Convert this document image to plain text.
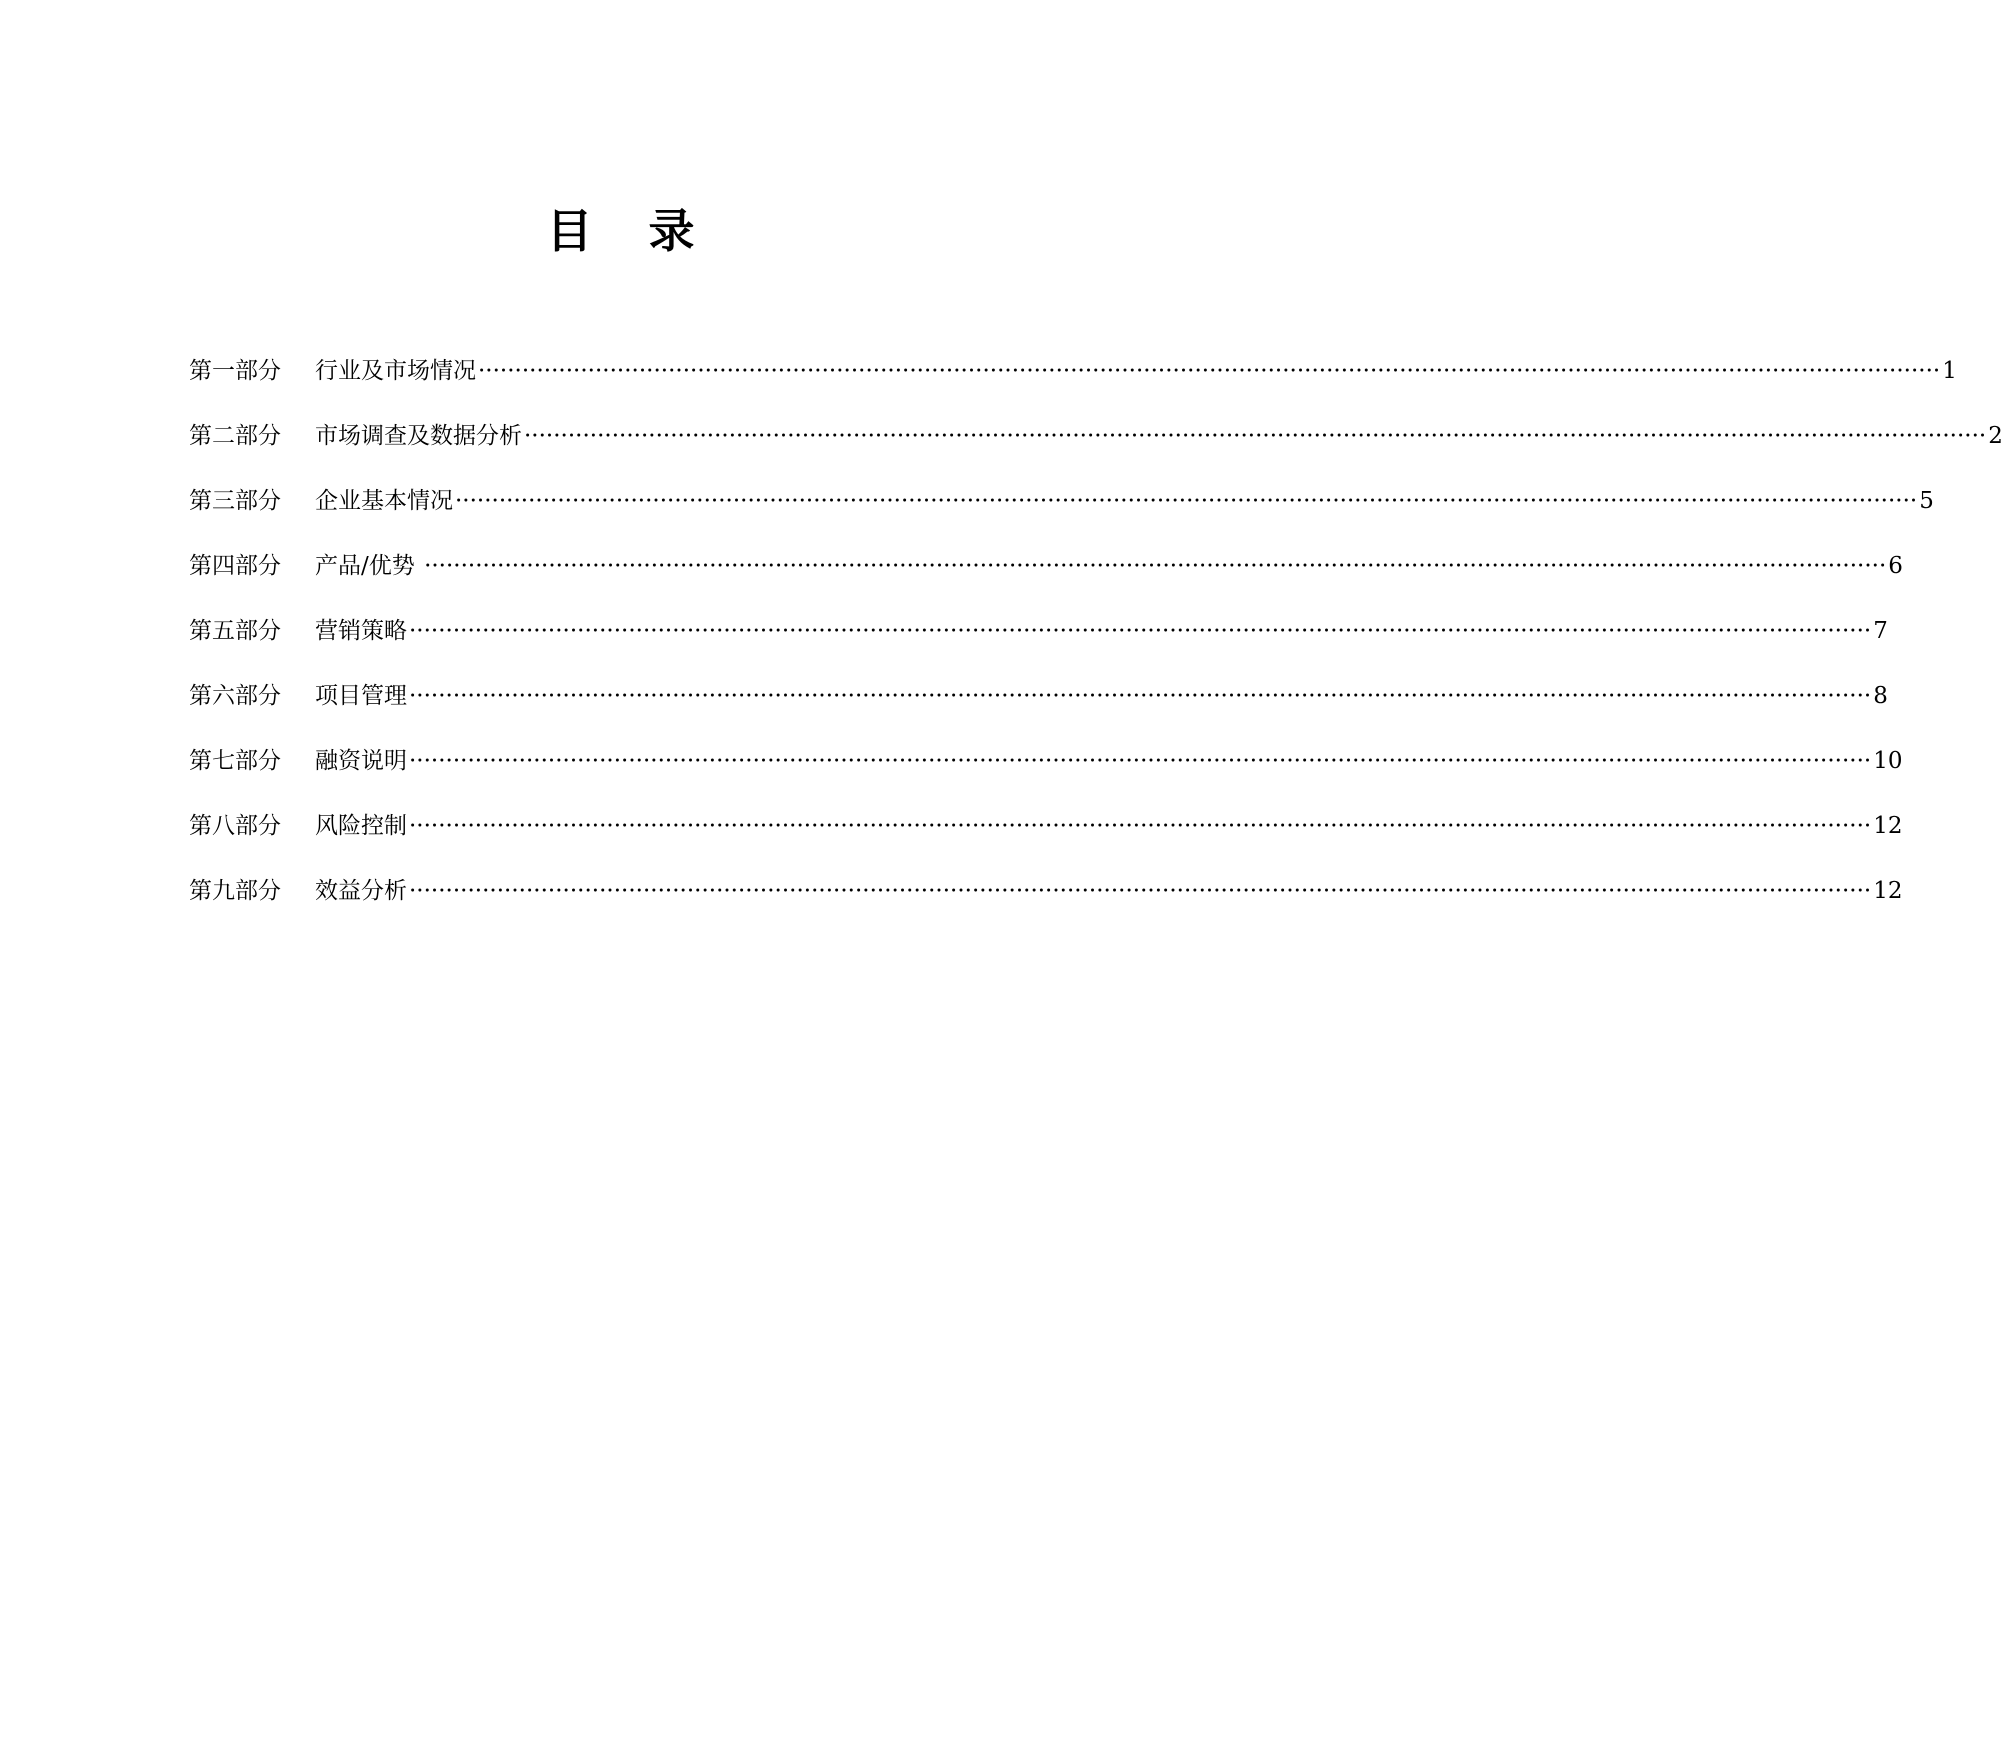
目 录
第一部分	行业及市场情况 ········································································································································································································ 1
第二部分	市场调查及数据分析 ········································································································································································································ 2
第三部分	企业基本情况 ········································································································································································································ 5
第四部分	产品/优势 ········································································································································································································ 6
第五部分	营销策略 ········································································································································································································ 7
第六部分	项目管理 ········································································································································································································ 8
第七部分	融资说明 ········································································································································································································ 10
第八部分	风险控制 ········································································································································································································ 12
第九部分	效益分析 ········································································································································································································ 12
